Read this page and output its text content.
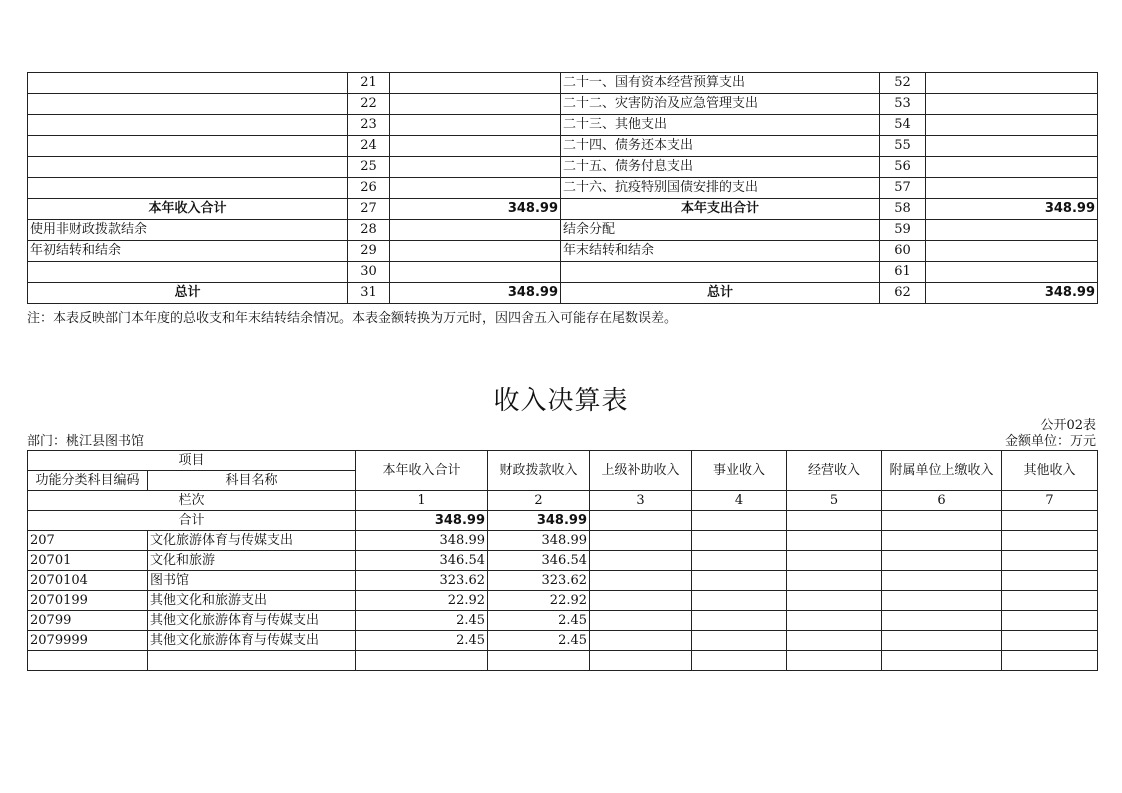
	21		二十一、国有资本经营预算支出	52	
	22		二十二、灾害防治及应急管理支出	53	
	23		二十三、其他支出	54	
	24		二十四、债务还本支出	55	
	25		二十五、债务付息支出	56	
	26		二十六、抗疫特别国债安排的支出	57	
本年收入合计	27	348.99	本年支出合计	58	348.99
使用非财政拨款结余	28		结余分配	59	
年初结转和结余	29		年末结转和结余	60	
	30			61	
总计	31	348.99	总计	62	348.99
注：本表反映部门本年度的总收支和年末结转结余情况。本表金额转换为万元时，因四舍五入可能存在尾数误差。
收入决算表
公开02表
部门：桃江县图书馆	金额单位：万元
项目		本年收入合计	财政拨款收入	上级补助收入	事业收入	经营收入	附属单位上缴收入	其他收入
功能分类科目编码	科目名称							
栏次		1	2	3	4	5	6	7
合计		348.99	348.99					
207	文化旅游体育与传媒支出	348.99	348.99					
20701	文化和旅游	346.54	346.54					
2070104	图书馆	323.62	323.62					
2070199	其他文化和旅游支出	22.92	22.92					
20799	其他文化旅游体育与传媒支出	2.45	2.45					
2079999	其他文化旅游体育与传媒支出	2.45	2.45					
